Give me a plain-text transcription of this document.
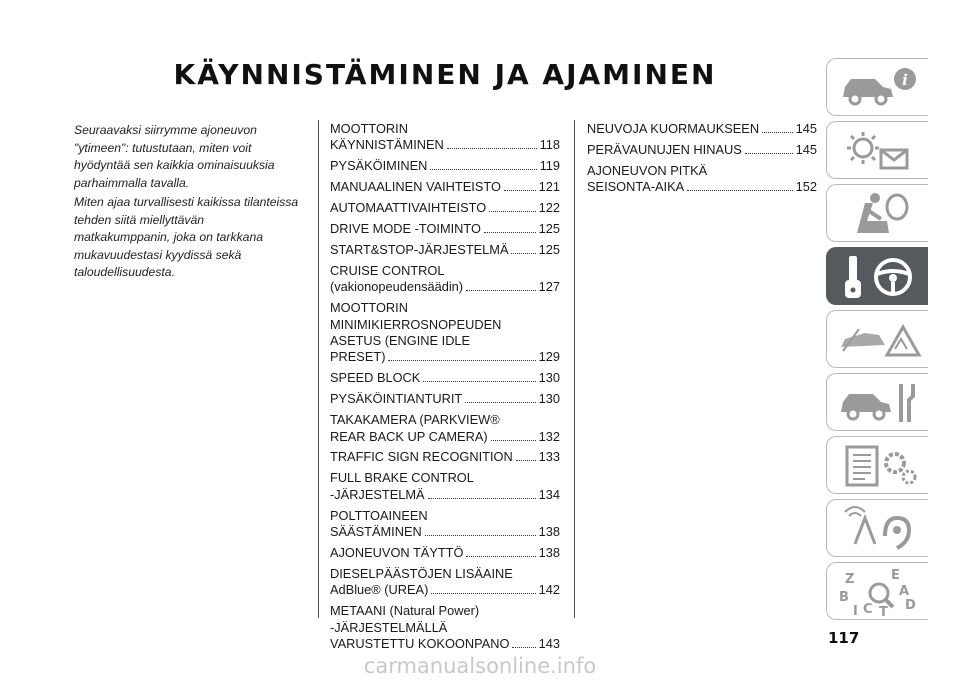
KÄYNNISTÄMINEN JA AJAMINEN

Seuraavaksi siirrymme ajoneuvon "ytimeen": tutustutaan, miten voit hyödyntää sen kaikkia ominaisuuksia parhaimmalla tavalla.

Miten ajaa turvallisesti kaikissa tilanteissa tehden siitä miellyttävän matkakumppanin, joka on tarkkana mukavuudestasi kyydissä sekä taloudellisuudesta.

MOOTTORIN
KÄYNNISTÄMINEN	118
PYSÄKÖIMINEN	119
MANUAALINEN VAIHTEISTO	121
AUTOMAATTIVAIHTEISTO	122
DRIVE MODE -TOIMINTO	125
START&STOP-JÄRJESTELMÄ 125
CRUISE CONTROL
(vakionopeudensäädin)	127
MOOTTORIN
MINIMIKIERROSNOPEUDEN
ASETUS (ENGINE IDLE
PRESET)	129
SPEED BLOCK	130
PYSÄKÖINTIANTURIT	130
TAKAKAMERA (PARKVIEW®
REAR BACK UP CAMERA)	132
TRAFFIC SIGN RECOGNITION 133
FULL BRAKE CONTROL
-JÄRJESTELMÄ	134
POLTTOAINEEN
SÄÄSTÄMINEN	138
AJONEUVON TÄYTTÖ	138
DIESELPÄÄSTÖJEN LISÄAINE
AdBlue® (UREA)	142
METAANI (Natural Power)
-JÄRJESTELMÄLLÄ
VARUSTETTU KOKOONPANO 143
NEUVOJA KUORMAUKSEEN	145
PERÄVAUNUJEN HINAUS	145
AJONEUVON PITKÄ
SEISONTA-AIKA	152
i
Z	E
B	A
D
I C T
117
carmanualsonline.info
